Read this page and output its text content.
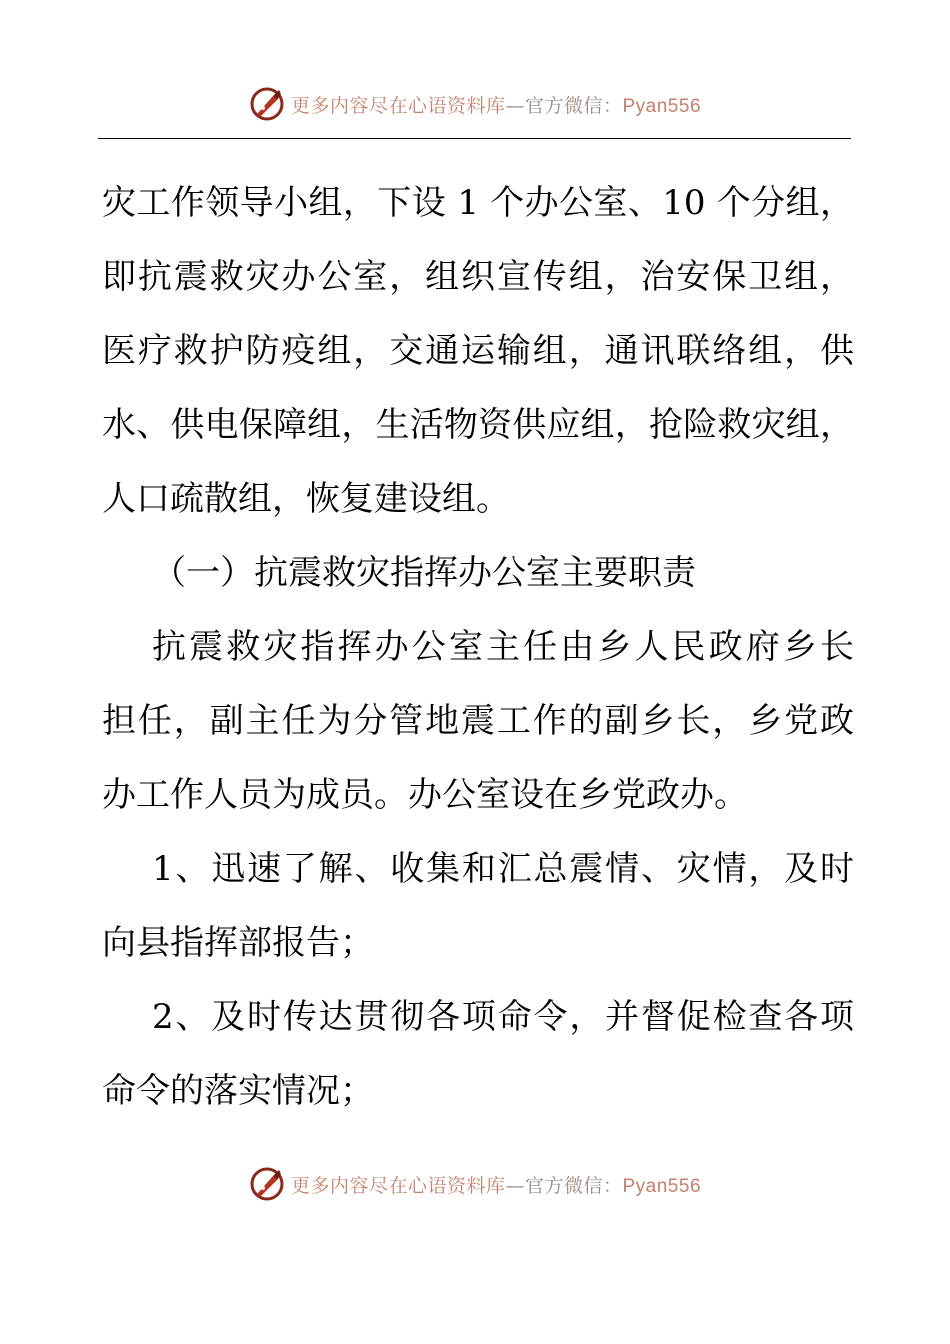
更多内容尽在心语资料库—官方微信：Pyan556
灾工作领导小组，下设 1 个办公室、10 个分组，
即抗震救灾办公室，组织宣传组，治安保卫组，
医疗救护防疫组，交通运输组，通讯联络组，供
水、供电保障组，生活物资供应组，抢险救灾组，
人口疏散组，恢复建设组。
（一）抗震救灾指挥办公室主要职责
抗震救灾指挥办公室主任由乡人民政府乡长
担任，副主任为分管地震工作的副乡长，乡党政
办工作人员为成员。办公室设在乡党政办。
1、迅速了解、收集和汇总震情、灾情，及时
向县指挥部报告；
2、及时传达贯彻各项命令，并督促检查各项
命令的落实情况；
更多内容尽在心语资料库—官方微信：Pyan556
